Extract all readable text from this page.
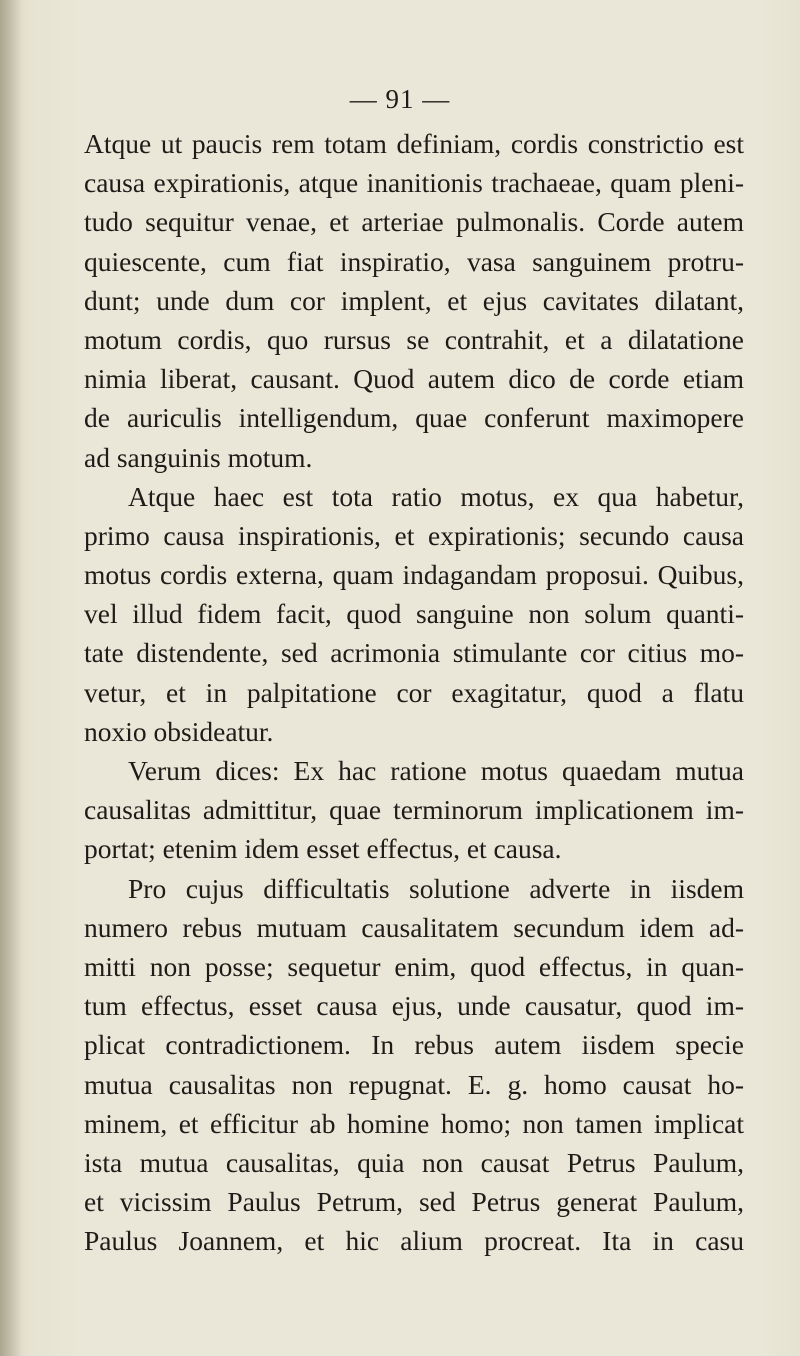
— 91 —
Atque ut paucis rem totam definiam, cordis constrictio est
causa expirationis, atque inanitionis trachaeae, quam pleni-
tudo sequitur venae, et arteriae pulmonalis. Corde autem
quiescente, cum fiat inspiratio, vasa sanguinem protru-
dunt; unde dum cor implent, et ejus cavitates dilatant,
motum cordis, quo rursus se contrahit, et a dilatatione
nimia liberat, causant. Quod autem dico de corde etiam
de auriculis intelligendum, quae conferunt maximopere
ad sanguinis motum.
Atque haec est tota ratio motus, ex qua habetur,
primo causa inspirationis, et expirationis; secundo causa
motus cordis externa, quam indagandam proposui. Quibus,
vel illud fidem facit, quod sanguine non solum quanti-
tate distendente, sed acrimonia stimulante cor citius mo-
vetur, et in palpitatione cor exagitatur, quod a flatu
noxio obsideatur.
Verum dices: Ex hac ratione motus quaedam mutua
causalitas admittitur, quae terminorum implicationem im-
portat; etenim idem esset effectus, et causa.
Pro cujus difficultatis solutione adverte in iisdem
numero rebus mutuam causalitatem secundum idem ad-
mitti non posse; sequetur enim, quod effectus, in quan-
tum effectus, esset causa ejus, unde causatur, quod im-
plicat contradictionem. In rebus autem iisdem specie
mutua causalitas non repugnat. E. g. homo causat ho-
minem, et efficitur ab homine homo; non tamen implicat
ista mutua causalitas, quia non causat Petrus Paulum,
et vicissim Paulus Petrum, sed Petrus generat Paulum,
Paulus Joannem, et hic alium procreat. Ita in casu
